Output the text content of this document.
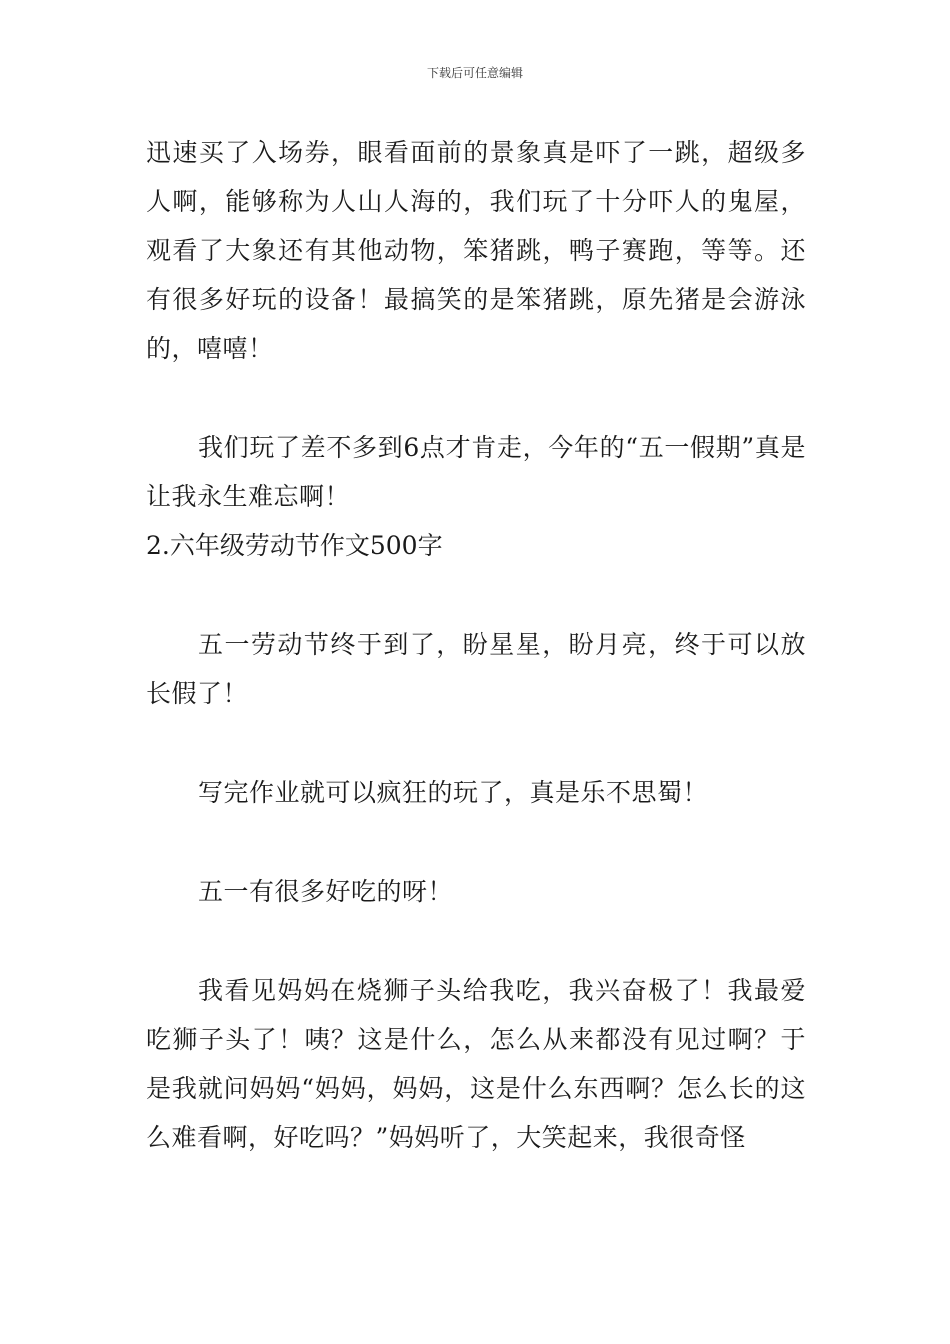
下载后可任意编辑

迅速买了入场券，眼看面前的景象真是吓了一跳，超级多人啊，能够称为人山人海的，我们玩了十分吓人的鬼屋，观看了大象还有其他动物，笨猪跳，鸭子赛跑，等等。还有很多好玩的设备！最搞笑的是笨猪跳，原先猪是会游泳的，嘻嘻！

我们玩了差不多到6点才肯走，今年的“五一假期”真是让我永生难忘啊！

2.六年级劳动节作文500字

五一劳动节终于到了，盼星星，盼月亮，终于可以放长假了！

写完作业就可以疯狂的玩了，真是乐不思蜀！

五一有很多好吃的呀！

我看见妈妈在烧狮子头给我吃，我兴奋极了！我最爱吃狮子头了！咦？这是什么，怎么从来都没有见过啊？于是我就问妈妈“妈妈，妈妈，这是什么东西啊？怎么长的这么难看啊，好吃吗？”妈妈听了，大笑起来，我很奇怪
